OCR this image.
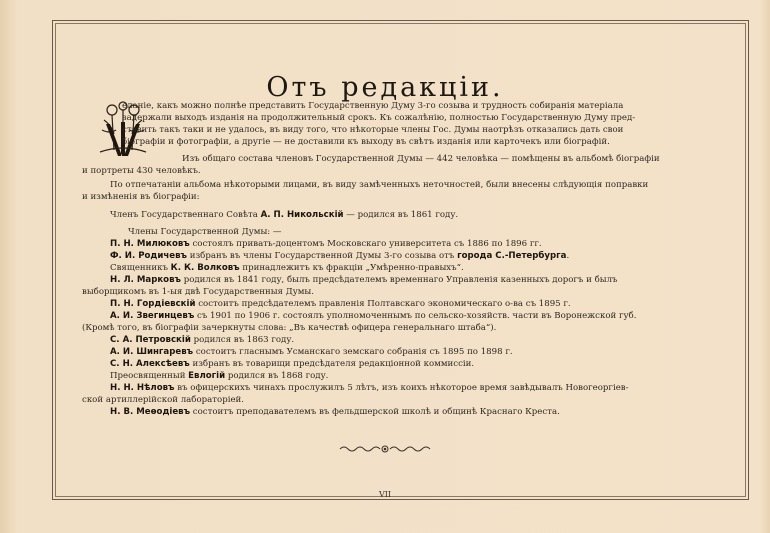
Отъ редакціи.
еланіе, какъ можно полнѣе представить Государственную Думу 3-го созыва и трудность собиранія матеріала
задержали выходъ изданія на продолжительный срокъ. Къ сожалѣнію, полностью Государственную Думу пред-
ставить такъ таки и не удалось, въ виду того, что нѣкоторые члены Гос. Думы наотрѣзъ отказались дать свои
біографіи и фотографіи, а другіе — не доставили къ выходу въ свѣтъ изданія или карточекъ или біографій.
Изъ общаго состава членовъ Государственной Думы — 442 человѣка — помѣщены въ альбомѣ біографіи
и портреты 430 человѣкъ.
По отпечатаніи альбома нѣкоторыми лицами, въ виду замѣченныхъ неточностей, были внесены слѣдующія поправки
и измѣненія въ біографіи:
Членъ Государственнаго Совѣта А. П. Никольскій — родился въ 1861 году.
Члены Государственной Думы: —
П. Н. Милюковъ состоялъ привать-доцентомъ Московскаго университета съ 1886 по 1896 гг.
Ф. И. Родичевъ избранъ въ члены Государственной Думы 3-го созыва отъ города С.-Петербурга.
Священникъ К. К. Волковъ принадлежитъ къ фракціи „Умѣренно-правыхъ“.
Н. Л. Марковъ родился въ 1841 году, былъ предсѣдателемъ временнаго Управленія казенныхъ дорогъ и былъ
выборщикомъ въ 1-ыя двѣ Государственныя Думы.
П. Н. Гордіевскій состоитъ предсѣдателемъ правленія Полтавскаго экономическаго о-ва съ 1895 г.
А. И. Звегинцевъ съ 1901 по 1906 г. состоялъ уполномоченнымъ по сельско-хозяйств. части въ Воронежской губ.
(Кромѣ того, въ біографіи зачеркнуты слова: „Въ качествѣ офицера генеральнаго штаба“).
С. А. Петровскій родился въ 1863 году.
А. И. Шингаревъ состоитъ гласнымъ Усманскаго земскаго собранія съ 1895 по 1898 г.
С. Н. Алексѣевъ избранъ въ товарищи предсѣдателя редакціонной коммиссіи.
Преосвященный Евлогій родился въ 1868 году.
Н. Н. Нѣловъ въ офицерскихъ чинахъ прослужилъ 5 лѣтъ, изъ коихъ нѣкоторое время завѣдывалъ Новогеоргіев-
ской артиллерійской лабораторіей.
Н. В. Меѳодіевъ состоитъ преподавателемъ въ фельдшерской школѣ и общинѣ Краснаго Креста.
VII
